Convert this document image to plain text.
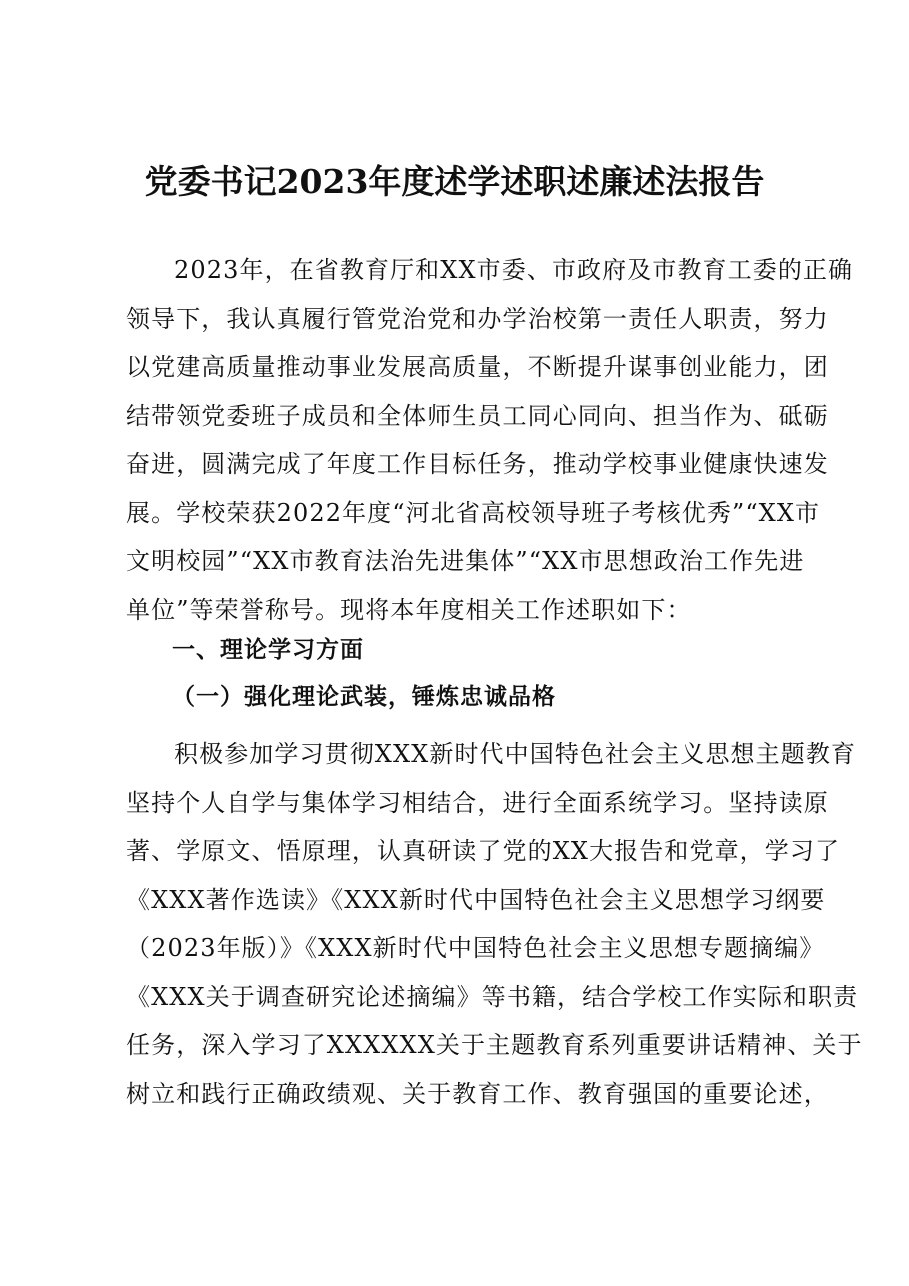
党委书记2023年度述学述职述廉述法报告
2023年，在省教育厅和XX市委、市政府及市教育工委的正确
领导下，我认真履行管党治党和办学治校第一责任人职责，努力
以党建高质量推动事业发展高质量，不断提升谋事创业能力，团
结带领党委班子成员和全体师生员工同心同向、担当作为、砥砺
奋进，圆满完成了年度工作目标任务，推动学校事业健康快速发
展。学校荣获2022年度“河北省高校领导班子考核优秀”“XX市
文明校园”“XX市教育法治先进集体”“XX市思想政治工作先进
单位”等荣誉称号。现将本年度相关工作述职如下：
一、理论学习方面
（一）强化理论武装，锤炼忠诚品格
积极参加学习贯彻XXX新时代中国特色社会主义思想主题教育
坚持个人自学与集体学习相结合，进行全面系统学习。坚持读原
著、学原文、悟原理，认真研读了党的XX大报告和党章，学习了
《XXX著作选读》《XXX新时代中国特色社会主义思想学习纲要
（2023年版）》《XXX新时代中国特色社会主义思想专题摘编》
《XXX关于调查研究论述摘编》等书籍，结合学校工作实际和职责
任务，深入学习了XXXXXX关于主题教育系列重要讲话精神、关于
树立和践行正确政绩观、关于教育工作、教育强国的重要论述，
